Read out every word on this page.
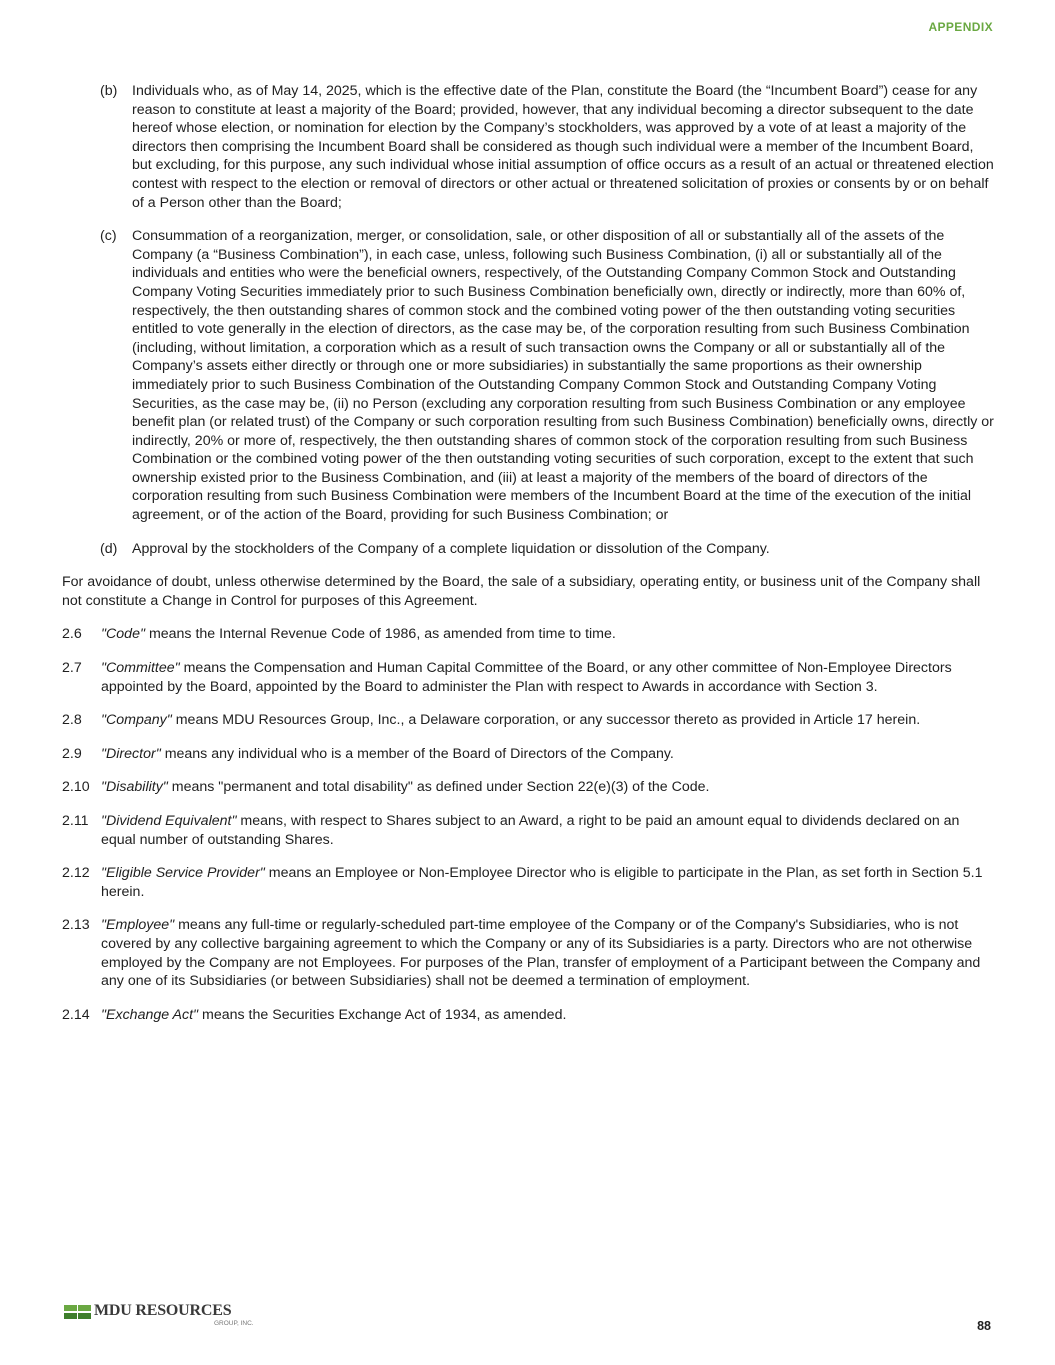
APPENDIX
(b)	Individuals who, as of May 14, 2025, which is the effective date of the Plan, constitute the Board (the “Incumbent Board”) cease for any reason to constitute at least a majority of the Board; provided, however, that any individual becoming a director subsequent to the date hereof whose election, or nomination for election by the Company’s stockholders, was approved by a vote of at least a majority of the directors then comprising the Incumbent Board shall be considered as though such individual were a member of the Incumbent Board, but excluding, for this purpose, any such individual whose initial assumption of office occurs as a result of an actual or threatened election contest with respect to the election or removal of directors or other actual or threatened solicitation of proxies or consents by or on behalf of a Person other than the Board;
(c)	Consummation of a reorganization, merger, or consolidation, sale, or other disposition of all or substantially all of the assets of the Company (a “Business Combination”), in each case, unless, following such Business Combination, (i) all or substantially all of the individuals and entities who were the beneficial owners, respectively, of the Outstanding Company Common Stock and Outstanding Company Voting Securities immediately prior to such Business Combination beneficially own, directly or indirectly, more than 60% of, respectively, the then outstanding shares of common stock and the combined voting power of the then outstanding voting securities entitled to vote generally in the election of directors, as the case may be, of the corporation resulting from such Business Combination (including, without limitation, a corporation which as a result of such transaction owns the Company or all or substantially all of the Company’s assets either directly or through one or more subsidiaries) in substantially the same proportions as their ownership immediately prior to such Business Combination of the Outstanding Company Common Stock and Outstanding Company Voting Securities, as the case may be, (ii) no Person (excluding any corporation resulting from such Business Combination or any employee benefit plan (or related trust) of the Company or such corporation resulting from such Business Combination) beneficially owns, directly or indirectly, 20% or more of, respectively, the then outstanding shares of common stock of the corporation resulting from such Business Combination or the combined voting power of the then outstanding voting securities of such corporation, except to the extent that such ownership existed prior to the Business Combination, and (iii) at least a majority of the members of the board of directors of the corporation resulting from such Business Combination were members of the Incumbent Board at the time of the execution of the initial agreement, or of the action of the Board, providing for such Business Combination; or
(d)	Approval by the stockholders of the Company of a complete liquidation or dissolution of the Company.
For avoidance of doubt, unless otherwise determined by the Board, the sale of a subsidiary, operating entity, or business unit of the Company shall not constitute a Change in Control for purposes of this Agreement.
2.6	"Code" means the Internal Revenue Code of 1986, as amended from time to time.
2.7	"Committee" means the Compensation and Human Capital Committee of the Board, or any other committee of Non-Employee Directors appointed by the Board, appointed by the Board to administer the Plan with respect to Awards in accordance with Section 3.
2.8	"Company" means MDU Resources Group, Inc., a Delaware corporation, or any successor thereto as provided in Article 17 herein.
2.9	"Director" means any individual who is a member of the Board of Directors of the Company.
2.10 "Disability" means "permanent and total disability" as defined under Section 22(e)(3) of the Code.
2.11 "Dividend Equivalent" means, with respect to Shares subject to an Award, a right to be paid an amount equal to dividends declared on an equal number of outstanding Shares.
2.12 "Eligible Service Provider" means an Employee or Non-Employee Director who is eligible to participate in the Plan, as set forth in Section 5.1 herein.
2.13 "Employee" means any full-time or regularly-scheduled part-time employee of the Company or of the Company's Subsidiaries, who is not covered by any collective bargaining agreement to which the Company or any of its Subsidiaries is a party. Directors who are not otherwise employed by the Company are not Employees. For purposes of the Plan, transfer of employment of a Participant between the Company and any one of its Subsidiaries (or between Subsidiaries) shall not be deemed a termination of employment.
2.14 "Exchange Act" means the Securities Exchange Act of 1934, as amended.
MDU RESOURCES
GROUP, INC.	88
